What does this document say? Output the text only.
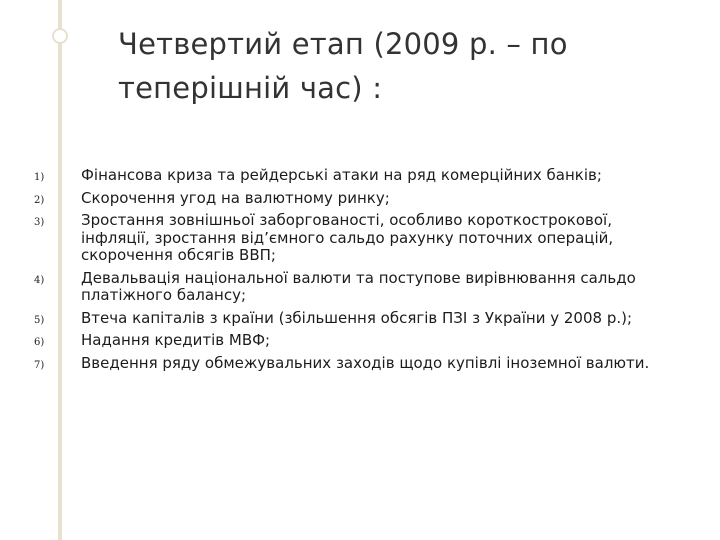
Четвертий етап (2009 р. – по теперішній час) :
1) Фінансова криза та рейдерські атаки на ряд комерційних банків;
2) Скорочення угод на валютному ринку;
3) Зростання зовнішньої заборгованості, особливо короткострокової, інфляції, зростання від’ємного сальдо рахунку поточних операцій, скорочення обсягів ВВП;
4) Девальвація національної валюти та поступове вирівнювання сальдо платіжного балансу;
5) Втеча капіталів з країни (збільшення обсягів ПЗІ з України у 2008 р.);
6) Надання кредитів МВФ;
7) Введення ряду обмежувальних заходів щодо купівлі іноземної валюти.
